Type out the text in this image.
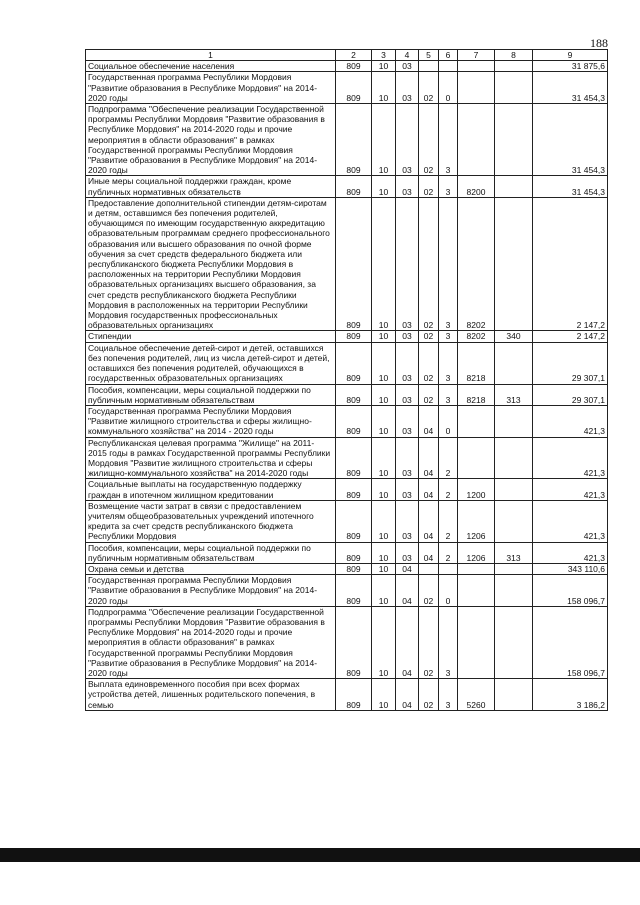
188
1	2	3	4	5	6	7	8	9
Социальное обеспечение населения	809	10	03					31 875,6
Государственная программа Республики Мордовия "Развитие образования в Республике Мордовия" на 2014-2020 годы	809	10	03	02	0			31 454,3
Подпрограмма "Обеспечение реализации Государственной программы Республики Мордовия "Развитие образования в Республике Мордовия" на 2014-2020 годы и прочие мероприятия в области образования" в рамках Государственной программы Республики Мордовия "Развитие образования в Республике Мордовия" на 2014-2020 годы	809	10	03	02	3			31 454,3
Иные меры социальной поддержки граждан, кроме публичных нормативных обязательств	809	10	03	02	3	8200		31 454,3
Предоставление дополнительной стипендии детям-сиротам и детям, оставшимся без попечения родителей, обучающимся по имеющим государственную аккредитацию образовательным программам среднего профессионального образования или высшего образования по очной форме обучения за счет средств федерального бюджета или республиканского бюджета Республики Мордовия в расположенных на территории Республики Мордовия образовательных организациях высшего образования, за счет средств республиканского бюджета Республики Мордовия в расположенных на территории Республики Мордовия государственных профессиональных образовательных организациях	809	10	03	02	3	8202		2 147,2
Стипендии	809	10	03	02	3	8202	340	2 147,2
Социальное обеспечение детей-сирот и детей, оставшихся без попечения родителей, лиц из числа детей-сирот и детей, оставшихся без попечения родителей, обучающихся в государственных образовательных организациях	809	10	03	02	3	8218		29 307,1
Пособия, компенсации, меры социальной поддержки по публичным нормативным обязательствам	809	10	03	02	3	8218	313	29 307,1
Государственная программа Республики Мордовия "Развитие жилищного строительства и сферы жилищно-коммунального хозяйства" на 2014 - 2020 годы	809	10	03	04	0			421,3
Республиканская целевая программа "Жилище" на 2011-2015 годы в рамках Государственной программы Республики Мордовия "Развитие жилищного строительства и сферы жилищно-коммунального хозяйства" на 2014-2020 годы	809	10	03	04	2			421,3
Социальные выплаты на государственную поддержку граждан в ипотечном жилищном кредитовании	809	10	03	04	2	1200		421,3
Возмещение части затрат в связи с предоставлением учителям общеобразовательных учреждений ипотечного кредита за счет средств республиканского бюджета Республики Мордовия	809	10	03	04	2	1206		421,3
Пособия, компенсации, меры социальной поддержки по публичным нормативным обязательствам	809	10	03	04	2	1206	313	421,3
Охрана семьи и детства	809	10	04					343 110,6
Государственная программа Республики Мордовия "Развитие образования в Республике Мордовия" на 2014-2020 годы	809	10	04	02	0			158 096,7
Подпрограмма "Обеспечение реализации Государственной программы Республики Мордовия "Развитие образования в Республике Мордовия" на 2014-2020 годы и прочие мероприятия в области образования" в рамках Государственной программы Республики Мордовия "Развитие образования в Республике Мордовия" на 2014-2020 годы	809	10	04	02	3			158 096,7
Выплата единовременного пособия при всех формах устройства детей, лишенных родительского попечения, в семью	809	10	04	02	3	5260		3 186,2
